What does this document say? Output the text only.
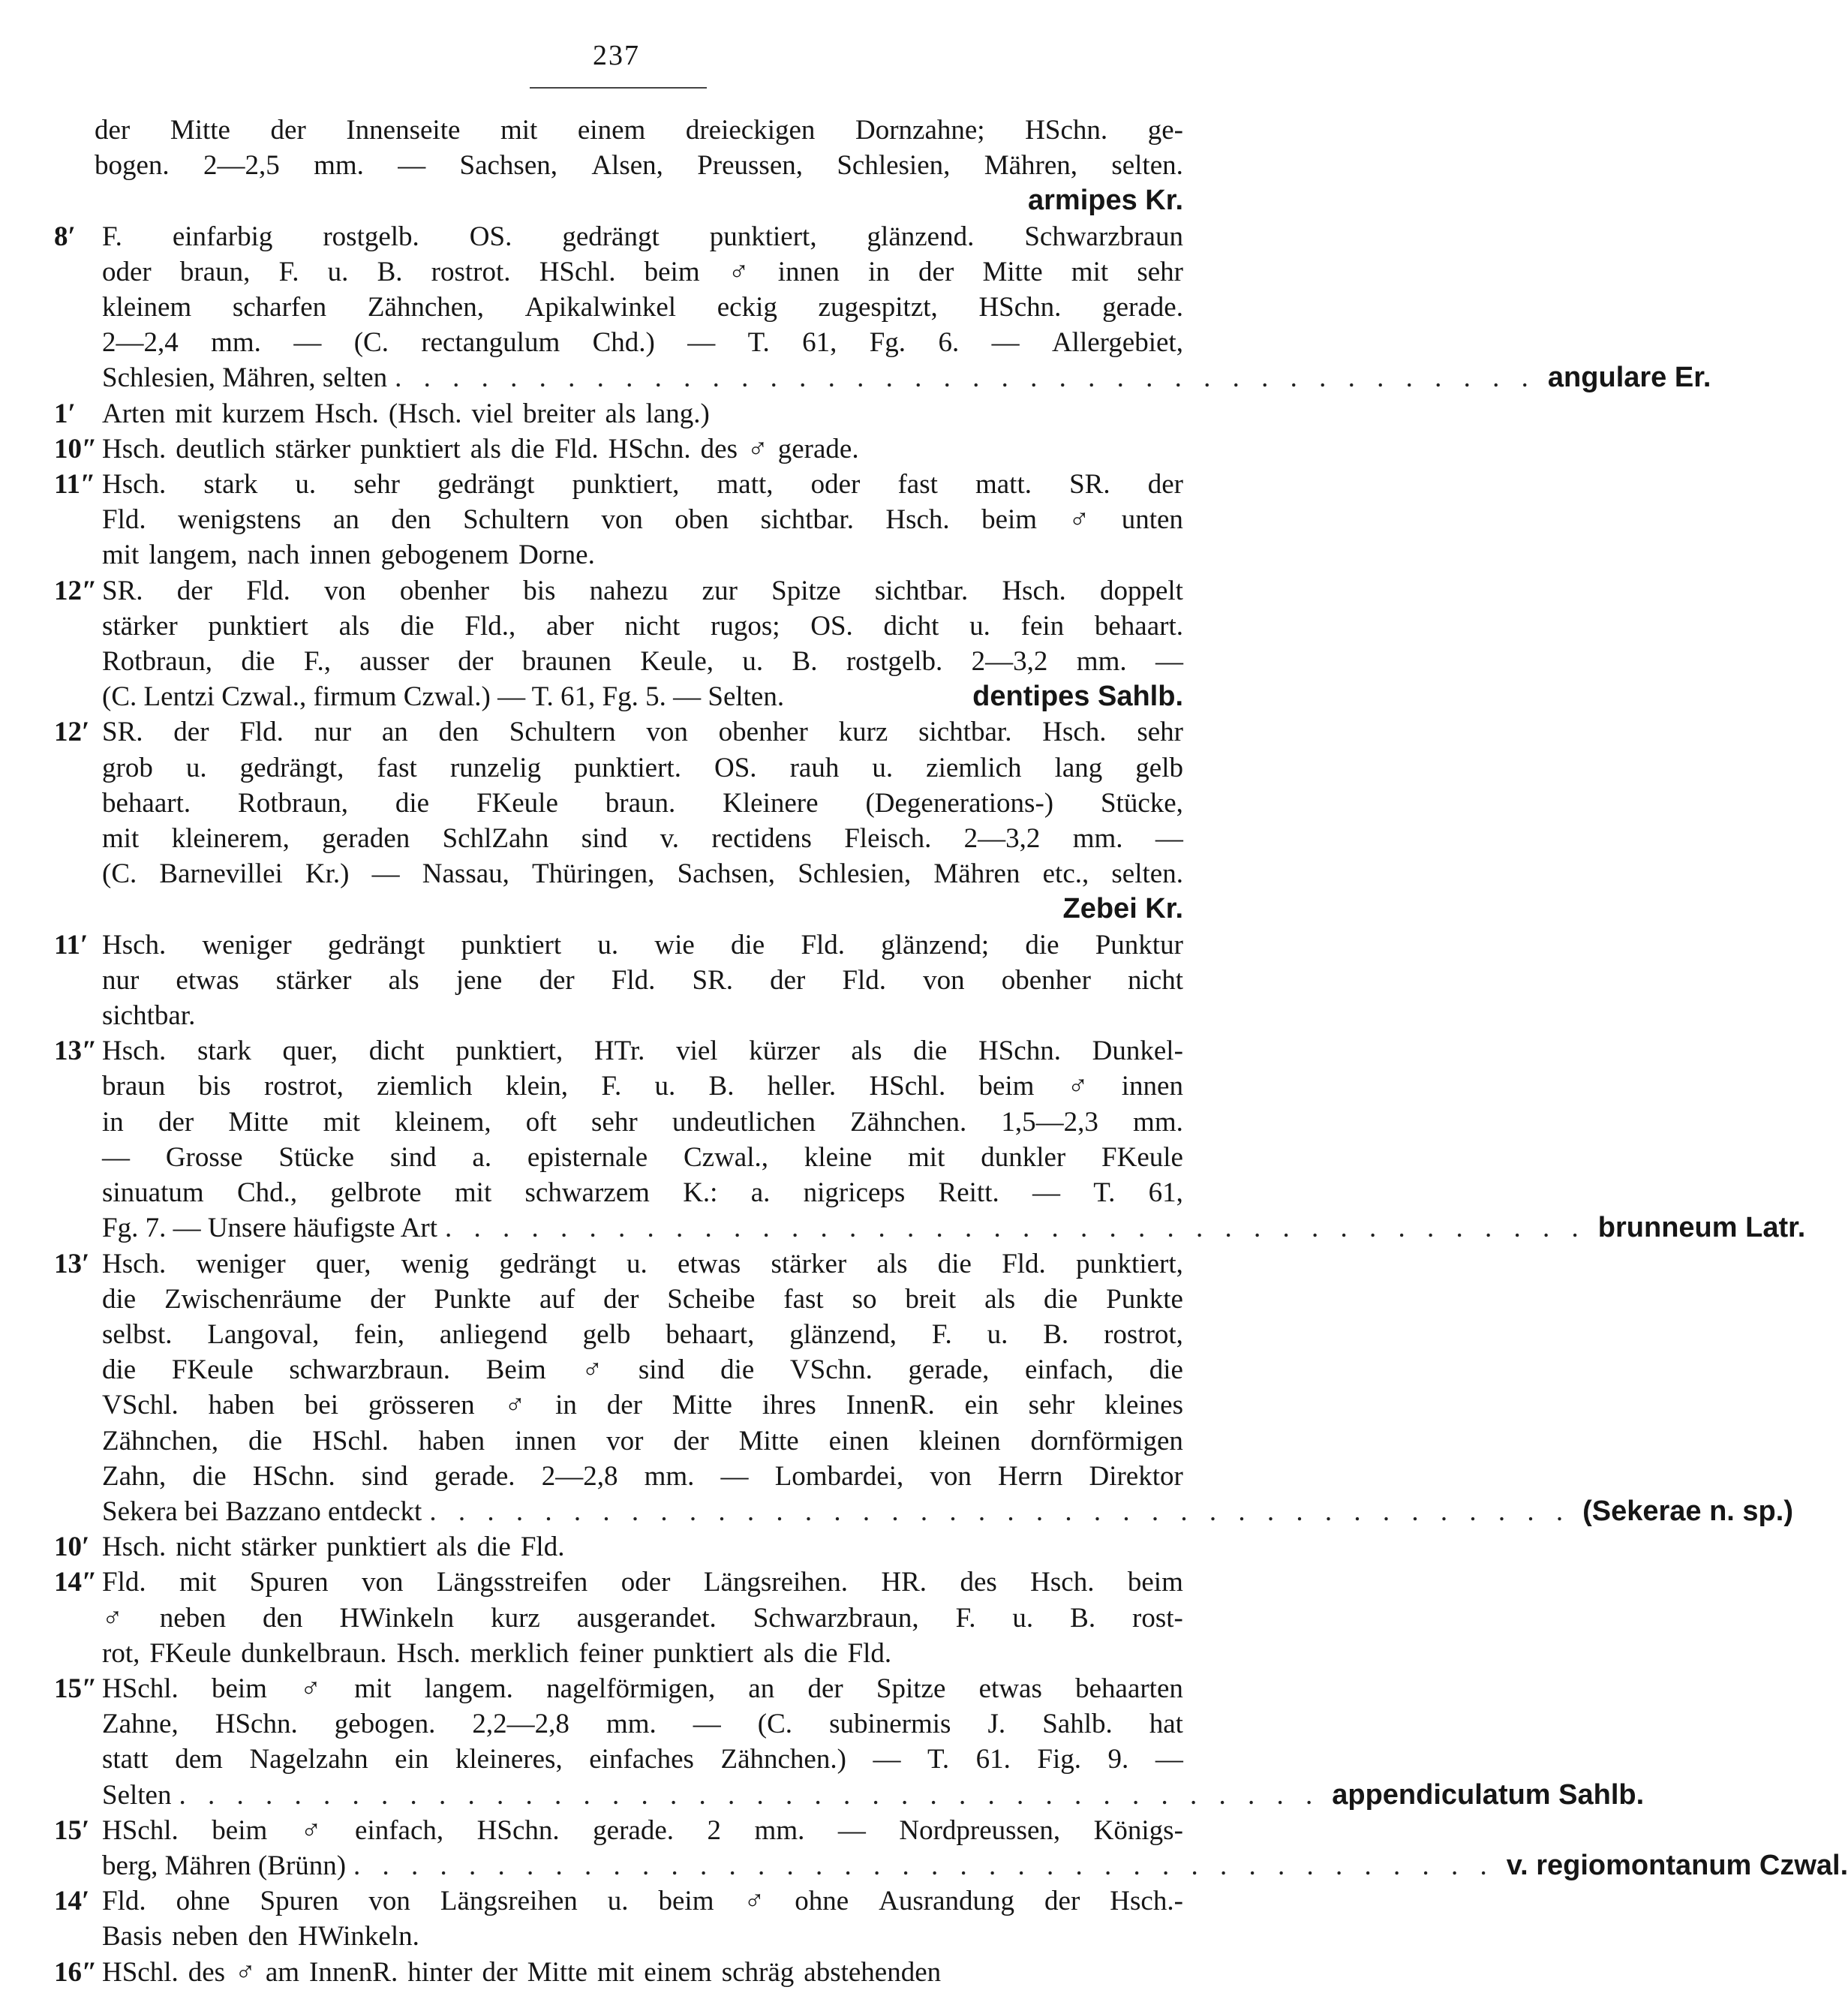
237
der Mitte der Innenseite mit einem dreieckigen Dornzahne; HSchn. ge-
bogen. 2—2,5 mm. — Sachsen, Alsen, Preussen, Schlesien, Mähren, selten.
armipes Kr.
8′ F. einfarbig rostgelb. OS. gedrängt punktiert, glänzend. Schwarzbraun
oder braun, F. u. B. rostrot. HSchl. beim ♂ innen in der Mitte mit sehr
kleinem scharfen Zähnchen, Apikalwinkel eckig zugespitzt, HSchn. gerade.
2—2,4 mm. — (C. rectangulum Chd.) — T. 61, Fg. 6. — Allergebiet,
Schlesien, Mähren, selten . . . . . . . . . . . . . . . . . . . . . . . . . . . . . . . . . . . . . . . . angulare Er.
1′ Arten mit kurzem Hsch. (Hsch. viel breiter als lang.)
10″ Hsch. deutlich stärker punktiert als die Fld. HSchn. des ♂ gerade.
11″ Hsch. stark u. sehr gedrängt punktiert, matt, oder fast matt. SR. der
Fld. wenigstens an den Schultern von oben sichtbar. Hsch. beim ♂ unten
mit langem, nach innen gebogenem Dorne.
12″ SR. der Fld. von obenher bis nahezu zur Spitze sichtbar. Hsch. doppelt
stärker punktiert als die Fld., aber nicht rugos; OS. dicht u. fein behaart.
Rotbraun, die F., ausser der braunen Keule, u. B. rostgelb. 2—3,2 mm. —
(C. Lentzi Czwal., firmum Czwal.) — T. 61, Fg. 5. — Selten.	dentipes Sahlb.
12′ SR. der Fld. nur an den Schultern von obenher kurz sichtbar. Hsch. sehr
grob u. gedrängt, fast runzelig punktiert. OS. rauh u. ziemlich lang gelb
behaart. Rotbraun, die FKeule braun. Kleinere (Degenerations-) Stücke,
mit kleinerem, geraden SchlZahn sind v. rectidens Fleisch. 2—3,2 mm. —
(C. Barnevillei Kr.) — Nassau, Thüringen, Sachsen, Schlesien, Mähren etc., selten.
Zebei Kr.
11′ Hsch. weniger gedrängt punktiert u. wie die Fld. glänzend; die Punktur
nur etwas stärker als jene der Fld. SR. der Fld. von obenher nicht
sichtbar.
13″ Hsch. stark quer, dicht punktiert, HTr. viel kürzer als die HSchn. Dunkel-
braun bis rostrot, ziemlich klein, F. u. B. heller. HSchl. beim ♂ innen
in der Mitte mit kleinem, oft sehr undeutlichen Zähnchen. 1,5—2,3 mm.
— Grosse Stücke sind a. episternale Czwal., kleine mit dunkler FKeule
sinuatum Chd., gelbrote mit schwarzem K.: a. nigriceps Reitt. — T. 61,
Fg. 7. — Unsere häufigste Art . . . . . . . . . . . . . . . . . . . . . . . . . . . . . . . . . . . . . . . . brunneum Latr.
13′ Hsch. weniger quer, wenig gedrängt u. etwas stärker als die Fld. punktiert,
die Zwischenräume der Punkte auf der Scheibe fast so breit als die Punkte
selbst. Langoval, fein, anliegend gelb behaart, glänzend, F. u. B. rostrot,
die FKeule schwarzbraun. Beim ♂ sind die VSchn. gerade, einfach, die
VSchl. haben bei grösseren ♂ in der Mitte ihres InnenR. ein sehr kleines
Zähnchen, die HSchl. haben innen vor der Mitte einen kleinen dornförmigen
Zahn, die HSchn. sind gerade. 2—2,8 mm. — Lombardei, von Herrn Direktor
Sekera bei Bazzano entdeckt . . . . . . . . . . . . . . . . . . . . . . . . . . . . . . . . . . . . . . . . (Sekerae n. sp.)
10′ Hsch. nicht stärker punktiert als die Fld.
14″ Fld. mit Spuren von Längsstreifen oder Längsreihen. HR. des Hsch. beim
♂ neben den HWinkeln kurz ausgerandet. Schwarzbraun, F. u. B. rost-
rot, FKeule dunkelbraun. Hsch. merklich feiner punktiert als die Fld.
15″ HSchl. beim ♂ mit langem. nagelförmigen, an der Spitze etwas behaarten
Zahne, HSchn. gebogen. 2,2—2,8 mm. — (C. subinermis J. Sahlb. hat
statt dem Nagelzahn ein kleineres, einfaches Zähnchen.) — T. 61. Fig. 9. —
Selten . . . . . . . . . . . . . . . . . . . . . . . . . . . . . . . . . . . . . . . . appendiculatum Sahlb.
15′ HSchl. beim ♂ einfach, HSchn. gerade. 2 mm. — Nordpreussen, Königs-
berg, Mähren (Brünn) . . . . . . . . . . . . . . . . . . . . . . . . . . . . . . . . . . . . . . . . v. regiomontanum Czwal.
14′ Fld. ohne Spuren von Längsreihen u. beim ♂ ohne Ausrandung der Hsch.-
Basis neben den HWinkeln.
16″ HSchl. des ♂ am InnenR. hinter der Mitte mit einem schräg abstehenden
